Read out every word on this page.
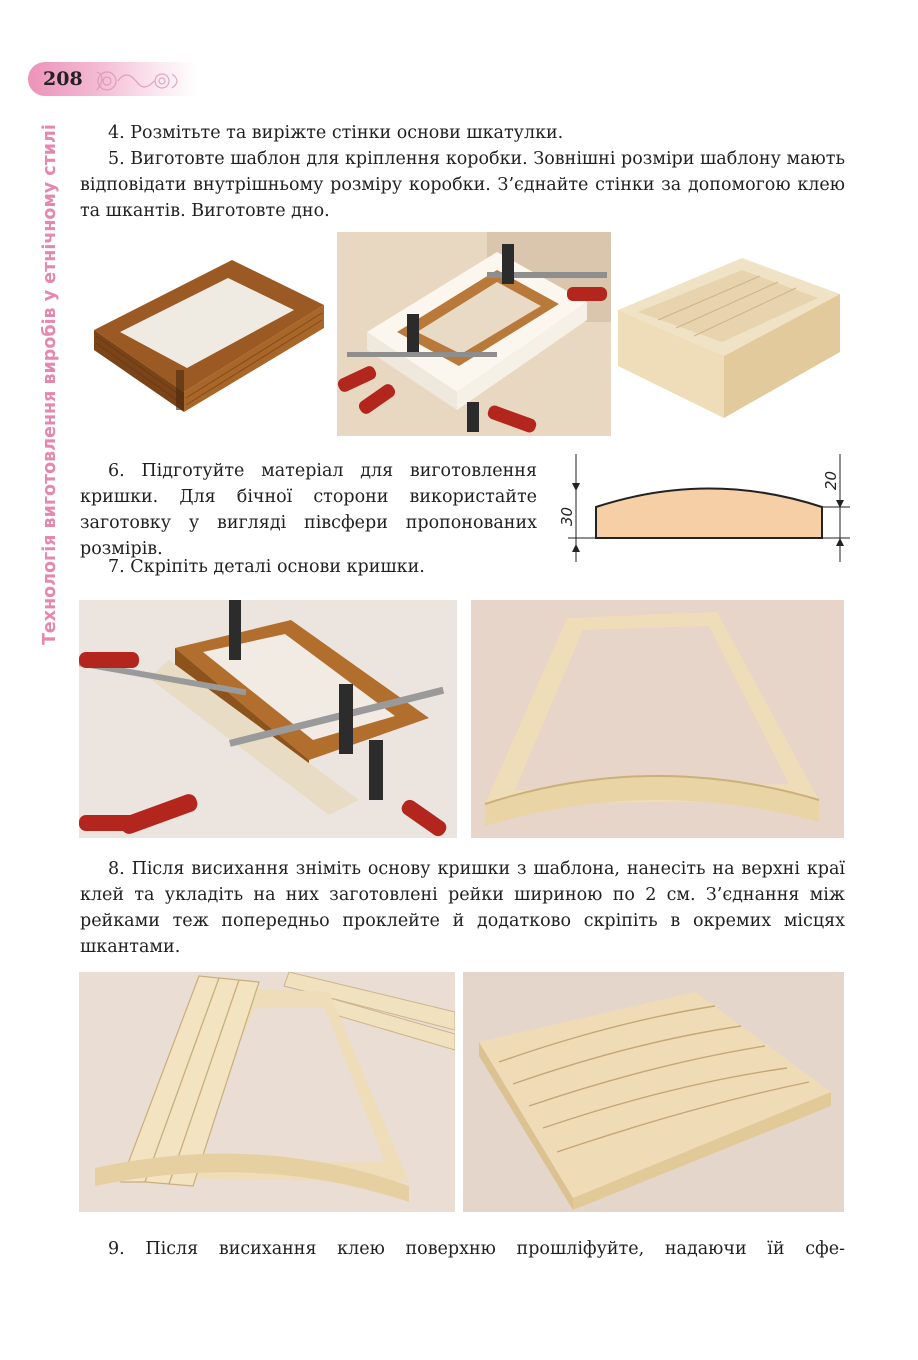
208
Технологія виготовлення виробів у етнічному стилі	4. Розмітьте та виріжте стінки основи шкатулки.

5. Виготовте шаблон для кріплення коробки. Зовнішні розміри шаблону мають відповідати внутрішньому розміру коробки. З’єднайте стінки за допомогою клею та шкантів. Виготовте дно.

6. Підготуйте матеріал для виготовлення кришки. Для бічної сторони використайте заготовку у вигляді півсфери пропонованих розмірів.

7. Скріпіть деталі основи кришки.

30
20

8. Після висихання зніміть основу кришки з шаблона, нанесіть на верхні краї клей та укладіть на них заготовлені рейки шириною по 2 см. З’єднання між рейками теж попередньо проклейте й додатково скріпіть в окремих місцях шкантами.

9. Після висихання клею поверхню прошліфуйте, надаючи їй сфе-
